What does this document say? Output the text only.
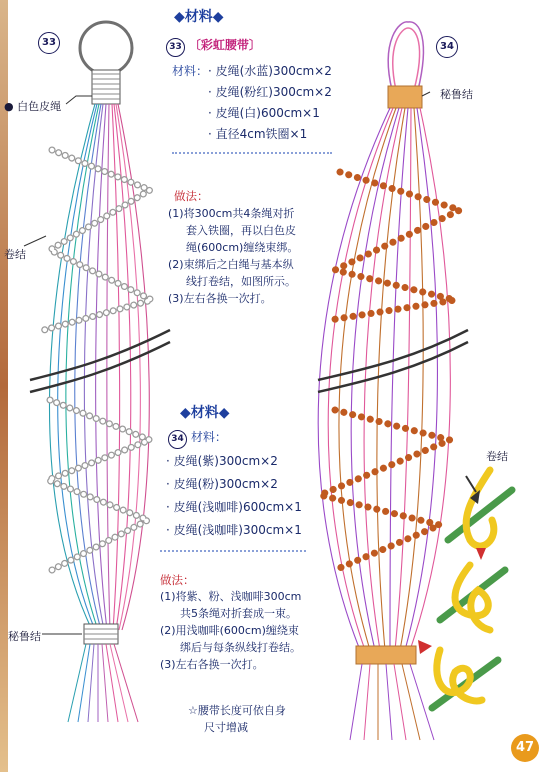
33
● 白色皮绳
卷结
秘鲁结
34
秘鲁结
卷结
◆材料◆
33 〔彩虹腰带〕
材料： · 皮绳(水蓝)300cm×2
· 皮绳(粉红)300cm×2
· 皮绳(白)600cm×1
· 直径4cm铁圈×1
做法：
(1)将300cm共4条绳对折
套入铁圈，再以白色皮
绳(600cm)缠绕束绑。
(2)束绑后之白绳与基本纵
线打卷结，如图所示。
(3)左右各换一次打。
◆材料◆
34 材料：
· 皮绳(紫)300cm×2
· 皮绳(粉)300cm×2
· 皮绳(浅咖啡)600cm×1
· 皮绳(浅咖啡)300cm×1
做法：
(1)将紫、粉、浅咖啡300cm
共5条绳对折套成一束。
(2)用浅咖啡(600cm)缠绕束
绑后与每条纵线打卷结。
(3)左右各换一次打。
☆腰带长度可依自身
尺寸增减
47
